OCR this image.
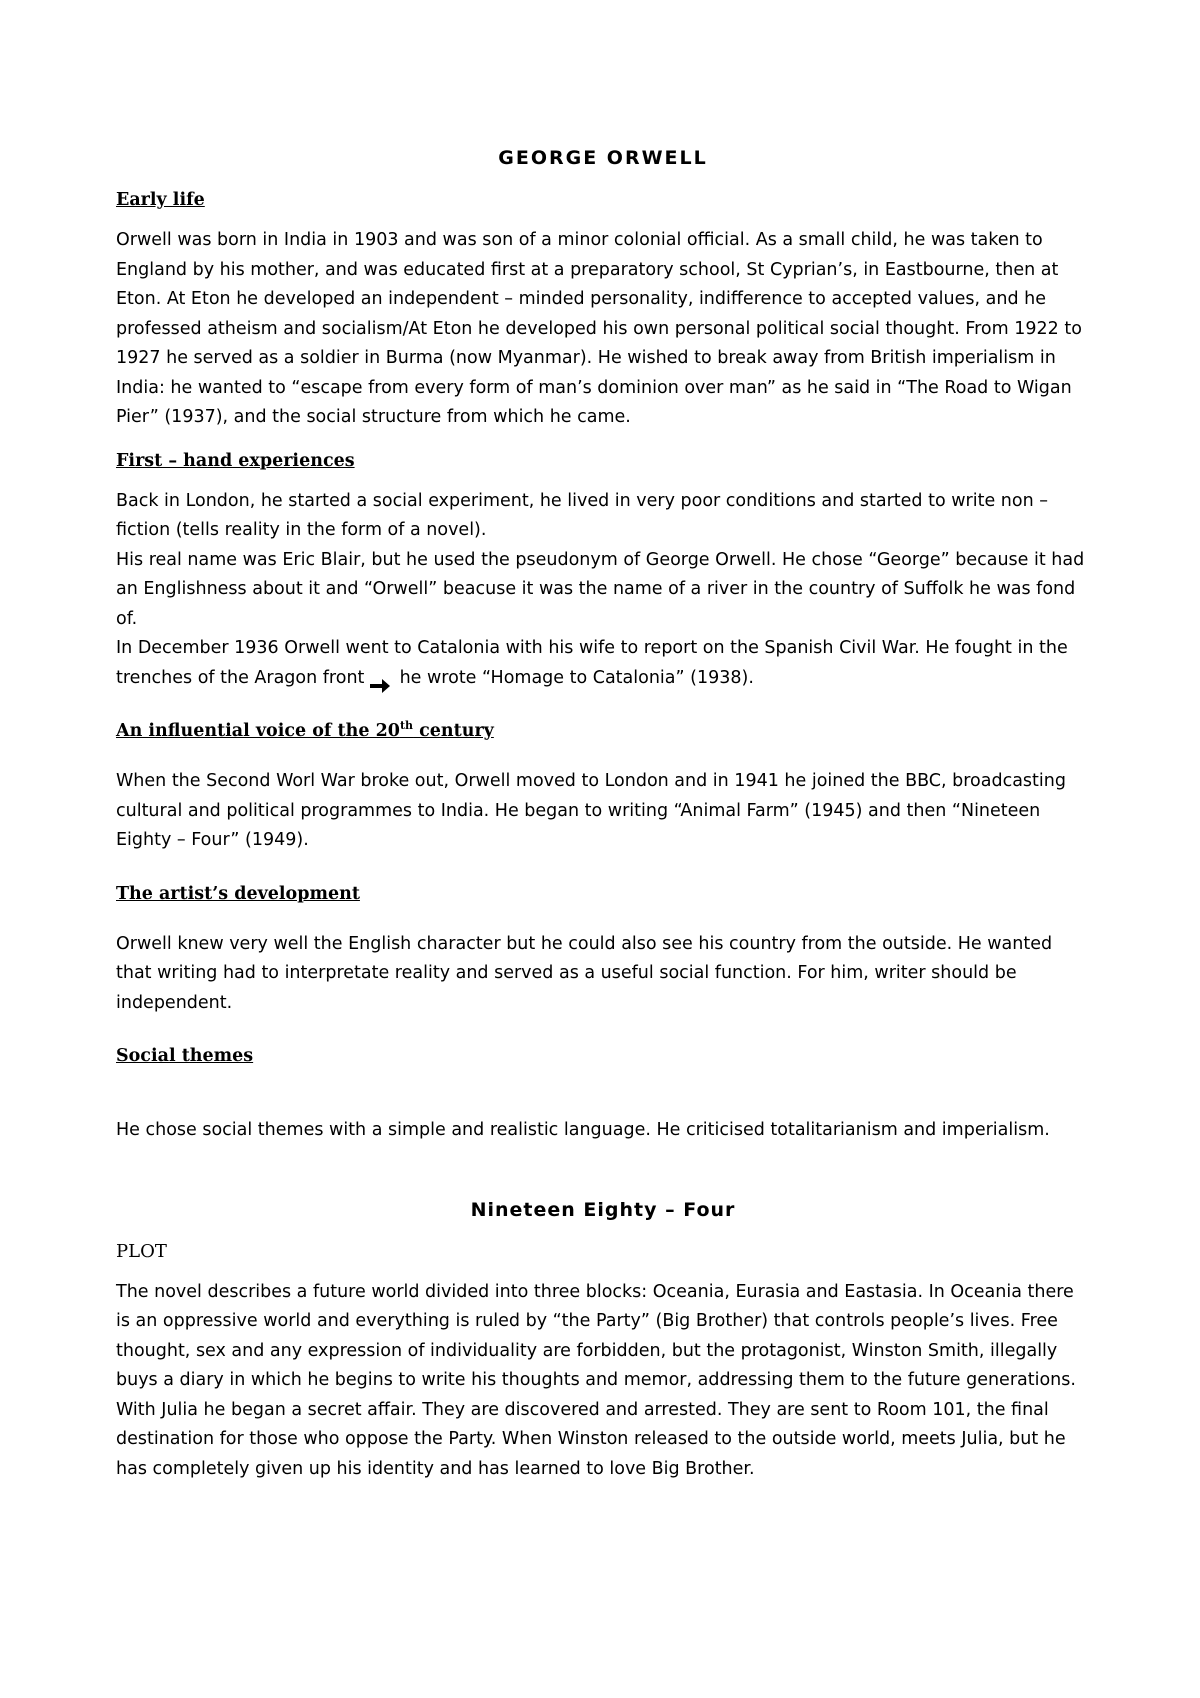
GEORGE ORWELL
Early life

Orwell was born in India in 1903 and was son of a minor colonial official. As a small child, he was taken to England by his mother, and was educated first at a preparatory school, St Cyprian’s, in Eastbourne, then at Eton. At Eton he developed an independent – minded personality, indifference to accepted values, and he professed atheism and socialism/At Eton he developed his own personal political social thought. From 1922 to 1927 he served as a soldier in Burma (now Myanmar). He wished to break away from British imperialism in India: he wanted to “escape from every form of man’s dominion over man” as he said in “The Road to Wigan Pier” (1937), and the social structure from which he came.

First – hand experiences

Back in London, he started a social experiment, he lived in very poor conditions and started to write non – fiction (tells reality in the form of a novel).

His real name was Eric Blair, but he used the pseudonym of George Orwell. He chose “George” because it had an Englishness about it and “Orwell” beacuse it was the name of a river in the country of Suffolk he was fond of.

In December 1936 Orwell went to Catalonia with his wife to report on the Spanish Civil War. He fought in the trenches of the Aragon front he wrote “Homage to Catalonia” (1938).

An influential voice of the 20th century

When the Second Worl War broke out, Orwell moved to London and in 1941 he joined the BBC, broadcasting cultural and political programmes to India. He began to writing “Animal Farm” (1945) and then “Nineteen Eighty – Four” (1949).

The artist’s development

Orwell knew very well the English character but he could also see his country from the outside. He wanted that writing had to interpretate reality and served as a useful social function. For him, writer should be independent.

Social themes

He chose social themes with a simple and realistic language. He criticised totalitarianism and imperialism.

Nineteen Eighty – Four
PLOT

The novel describes a future world divided into three blocks: Oceania, Eurasia and Eastasia. In Oceania there is an oppressive world and everything is ruled by “the Party” (Big Brother) that controls people’s lives. Free thought, sex and any expression of individuality are forbidden, but the protagonist, Winston Smith, illegally buys a diary in which he begins to write his thoughts and memor, addressing them to the future generations. With Julia he began a secret affair. They are discovered and arrested. They are sent to Room 101, the final destination for those who oppose the Party. When Winston released to the outside world, meets Julia, but he has completely given up his identity and has learned to love Big Brother.
